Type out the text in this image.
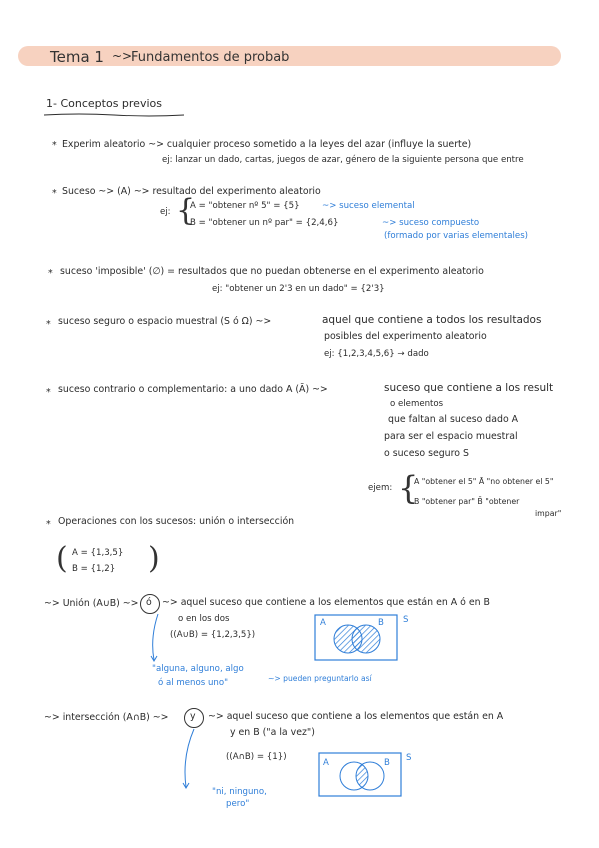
Tema 1 ~>
Fundamentos de probab
1- Conceptos previos
* Experim aleatorio ~> cualquier proceso sometido a la leyes del azar (influye la suerte)
ej: lanzar un dado, cartas, juegos de azar, género de la siguiente persona que entre
* Suceso ~> (A) ~> resultado del experimento aleatorio
ej: {
A = "obtener nº 5" = {5}	~> suceso elemental
B = "obtener un nº par" = {2,4,6}	~> suceso compuesto
(formado por varias elementales)
* suceso 'imposible' (∅) = resultados que no puedan obtenerse en el experimento aleatorio
ej: "obtener un 2'3 en un dado" = {2'3}
* suceso seguro o espacio muestral (S ó Ω) ~>	aquel que contiene a todos los resultados
posibles del experimento aleatorio
ej: {1,2,3,4,5,6} → dado
* suceso contrario o complementario: a uno dado A (Ā) ~>	suceso que contiene a los result
o elementos
que faltan al suceso dado A
para ser el espacio muestral
o suceso seguro S
ejem: {
A "obtener el 5" Ā "no obtener el 5"
B "obtener par" B̄ "obtener
impar"
* Operaciones con los sucesos: unión o intersección
( A = {1,3,5}
B = {1,2} )
~> Unión (A∪B) ~> ó ~> aquel suceso que contiene a los elementos que están en A ó en B
o en los dos
((A∪B) = {1,2,3,5})
A	B S
"alguna, alguno, algo
ó al menos uno"	~> pueden preguntarlo así
~> intersección (A∩B) ~> y ~> aquel suceso que contiene a los elementos que están en A
y en B ("a la vez")
((A∩B) = {1})
A	B S
"ni, ninguno,
pero"
